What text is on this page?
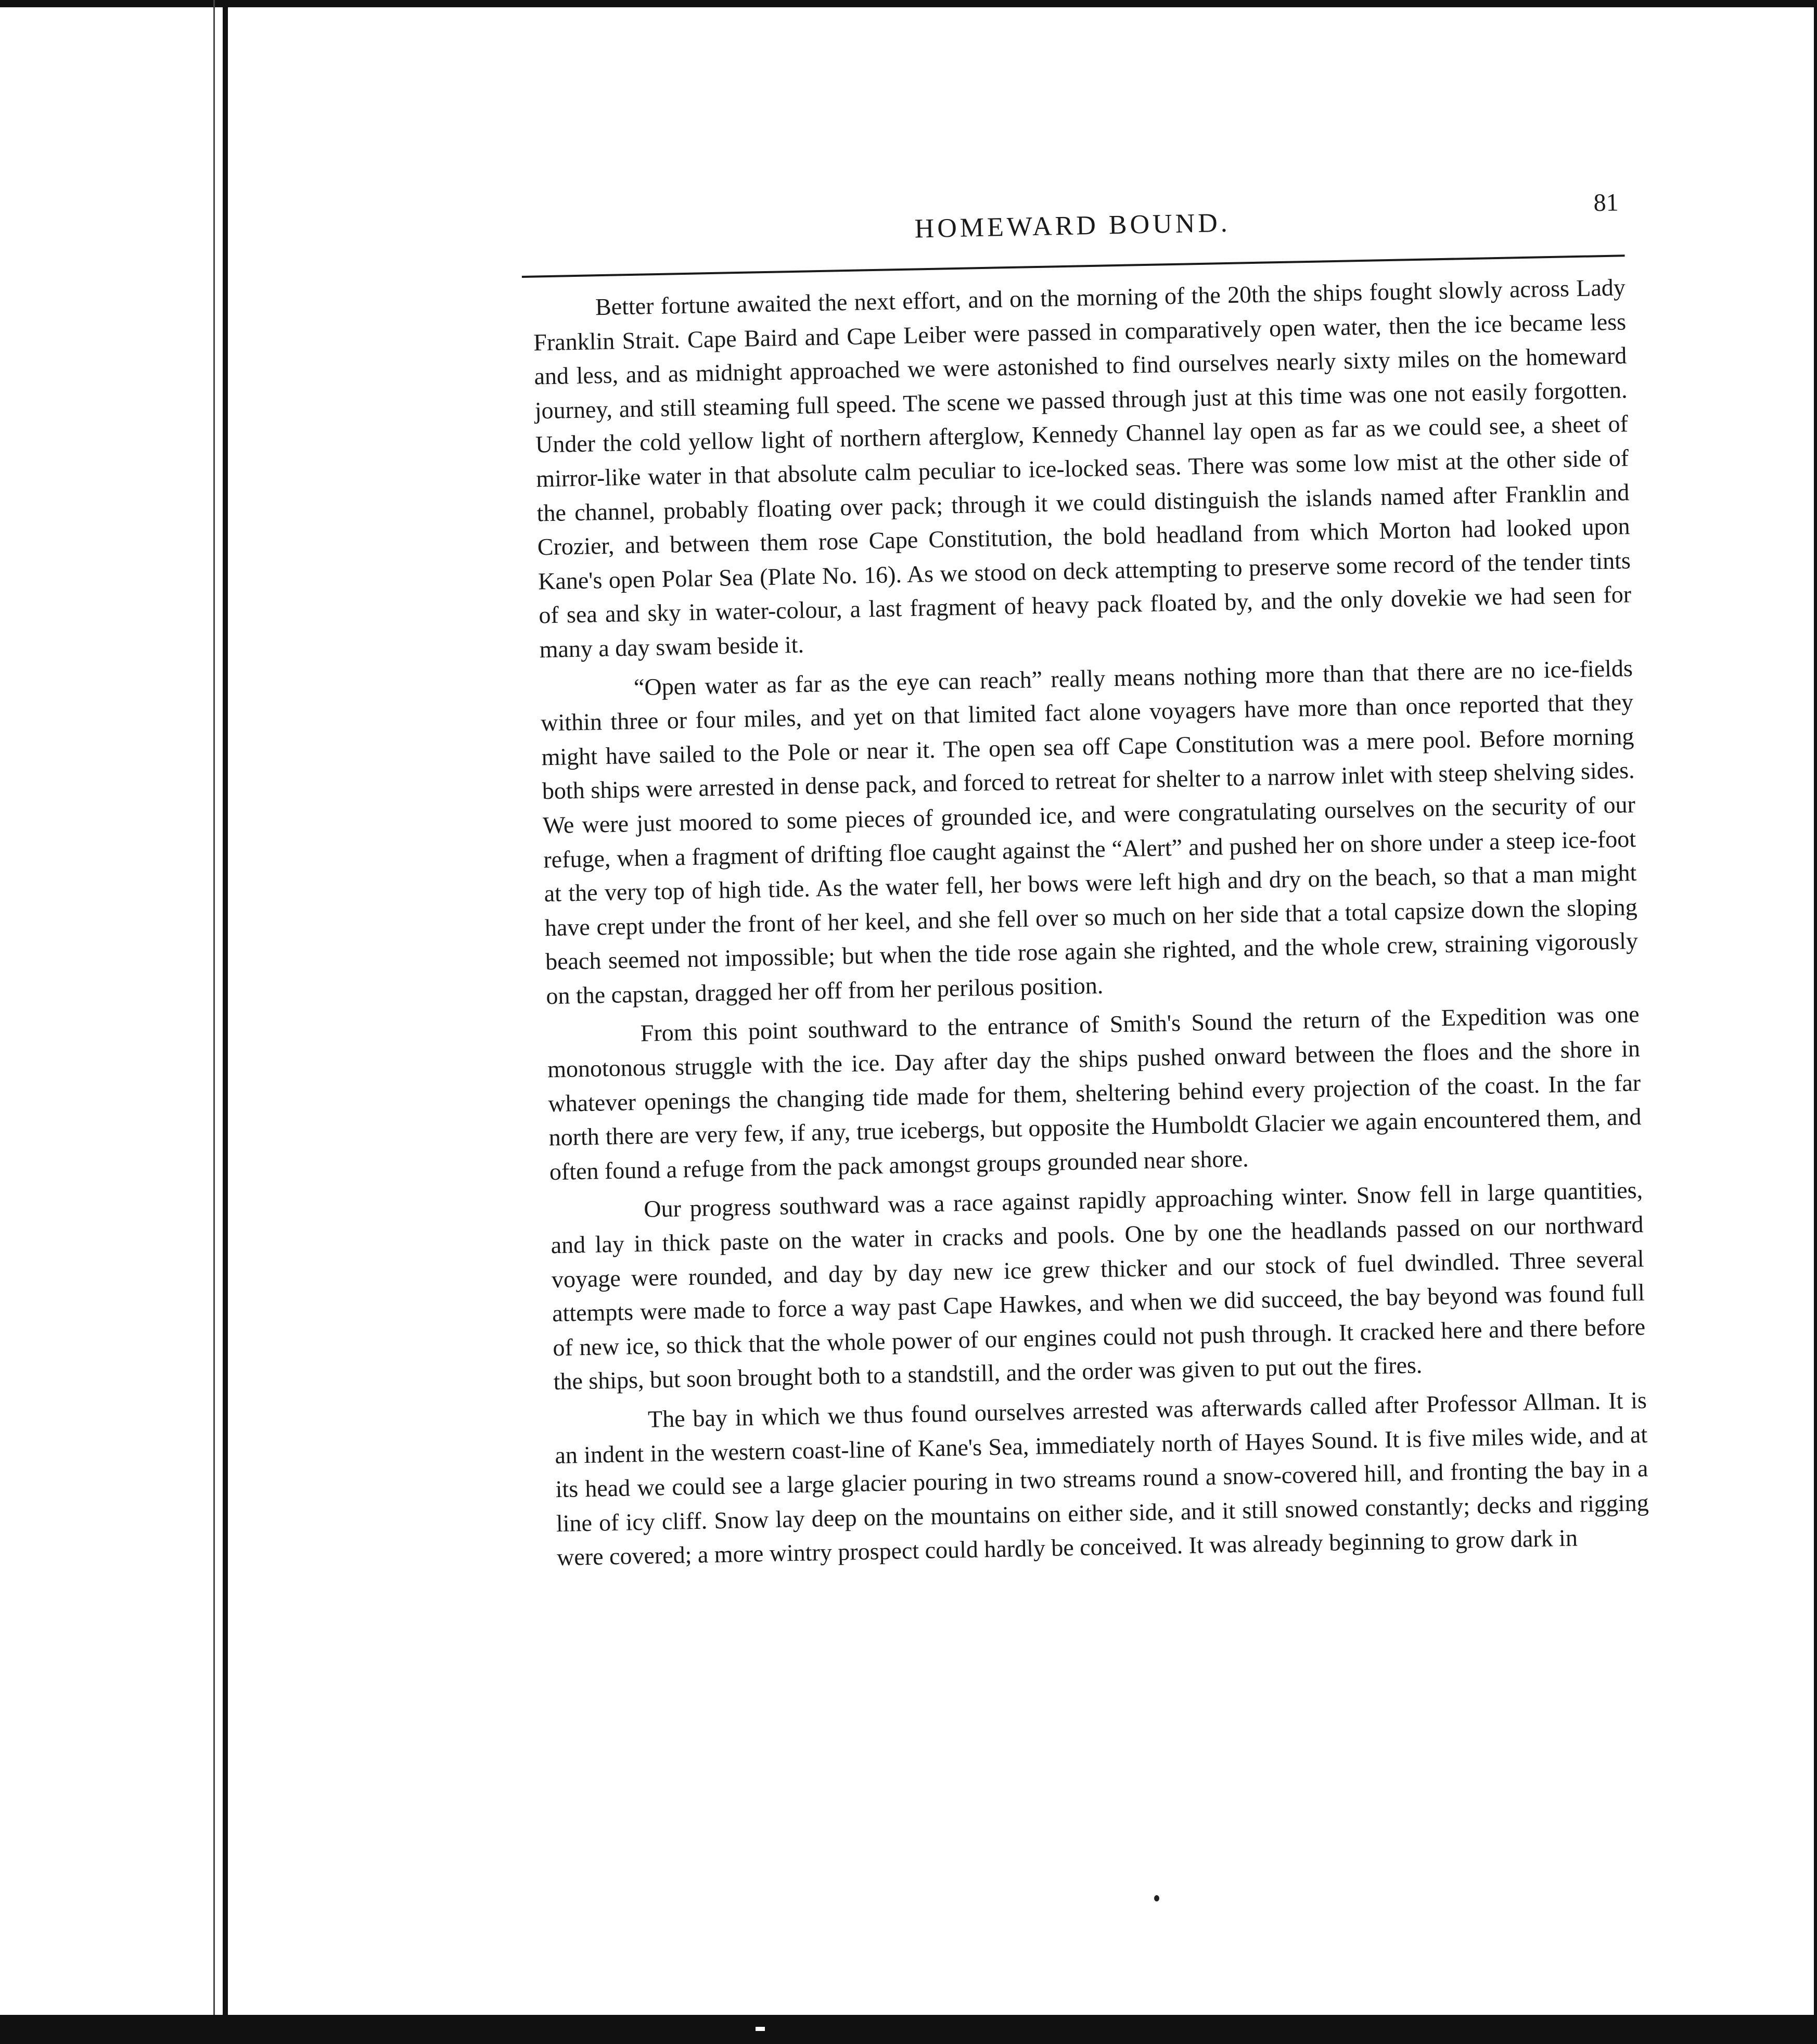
HOMEWARD BOUND.
81

Better fortune awaited the next effort, and on the morning of the 20th the ships fought slowly across Lady Franklin Strait. Cape Baird and Cape Leiber were passed in comparatively open water, then the ice became less and less, and as midnight approached we were astonished to find ourselves nearly sixty miles on the homeward journey, and still steaming full speed. The scene we passed through just at this time was one not easily forgotten. Under the cold yellow light of northern afterglow, Kennedy Channel lay open as far as we could see, a sheet of mirror-like water in that absolute calm peculiar to ice-locked seas. There was some low mist at the other side of the channel, probably floating over pack; through it we could distinguish the islands named after Franklin and Crozier, and between them rose Cape Constitution, the bold headland from which Morton had looked upon Kane's open Polar Sea (Plate No. 16). As we stood on deck attempting to preserve some record of the tender tints of sea and sky in water-colour, a last fragment of heavy pack floated by, and the only dovekie we had seen for many a day swam beside it.

“Open water as far as the eye can reach” really means nothing more than that there are no ice-fields within three or four miles, and yet on that limited fact alone voyagers have more than once reported that they might have sailed to the Pole or near it. The open sea off Cape Constitution was a mere pool. Before morning both ships were arrested in dense pack, and forced to retreat for shelter to a narrow inlet with steep shelving sides. We were just moored to some pieces of grounded ice, and were congratulating ourselves on the security of our refuge, when a fragment of drifting floe caught against the “Alert” and pushed her on shore under a steep ice-foot at the very top of high tide. As the water fell, her bows were left high and dry on the beach, so that a man might have crept under the front of her keel, and she fell over so much on her side that a total capsize down the sloping beach seemed not impossible; but when the tide rose again she righted, and the whole crew, straining vigorously on the capstan, dragged her off from her perilous position.

From this point southward to the entrance of Smith's Sound the return of the Expedition was one monotonous struggle with the ice. Day after day the ships pushed onward between the floes and the shore in whatever openings the changing tide made for them, sheltering behind every projection of the coast. In the far north there are very few, if any, true icebergs, but opposite the Humboldt Glacier we again encountered them, and often found a refuge from the pack amongst groups grounded near shore.

Our progress southward was a race against rapidly approaching winter. Snow fell in large quantities, and lay in thick paste on the water in cracks and pools. One by one the headlands passed on our northward voyage were rounded, and day by day new ice grew thicker and our stock of fuel dwindled. Three several attempts were made to force a way past Cape Hawkes, and when we did succeed, the bay beyond was found full of new ice, so thick that the whole power of our engines could not push through. It cracked here and there before the ships, but soon brought both to a standstill, and the order was given to put out the fires.

The bay in which we thus found ourselves arrested was afterwards called after Professor Allman. It is an indent in the western coast-line of Kane's Sea, immediately north of Hayes Sound. It is five miles wide, and at its head we could see a large glacier pouring in two streams round a snow-covered hill, and fronting the bay in a line of icy cliff. Snow lay deep on the mountains on either side, and it still snowed constantly; decks and rigging were covered; a more wintry prospect could hardly be conceived. It was already beginning to grow dark in
